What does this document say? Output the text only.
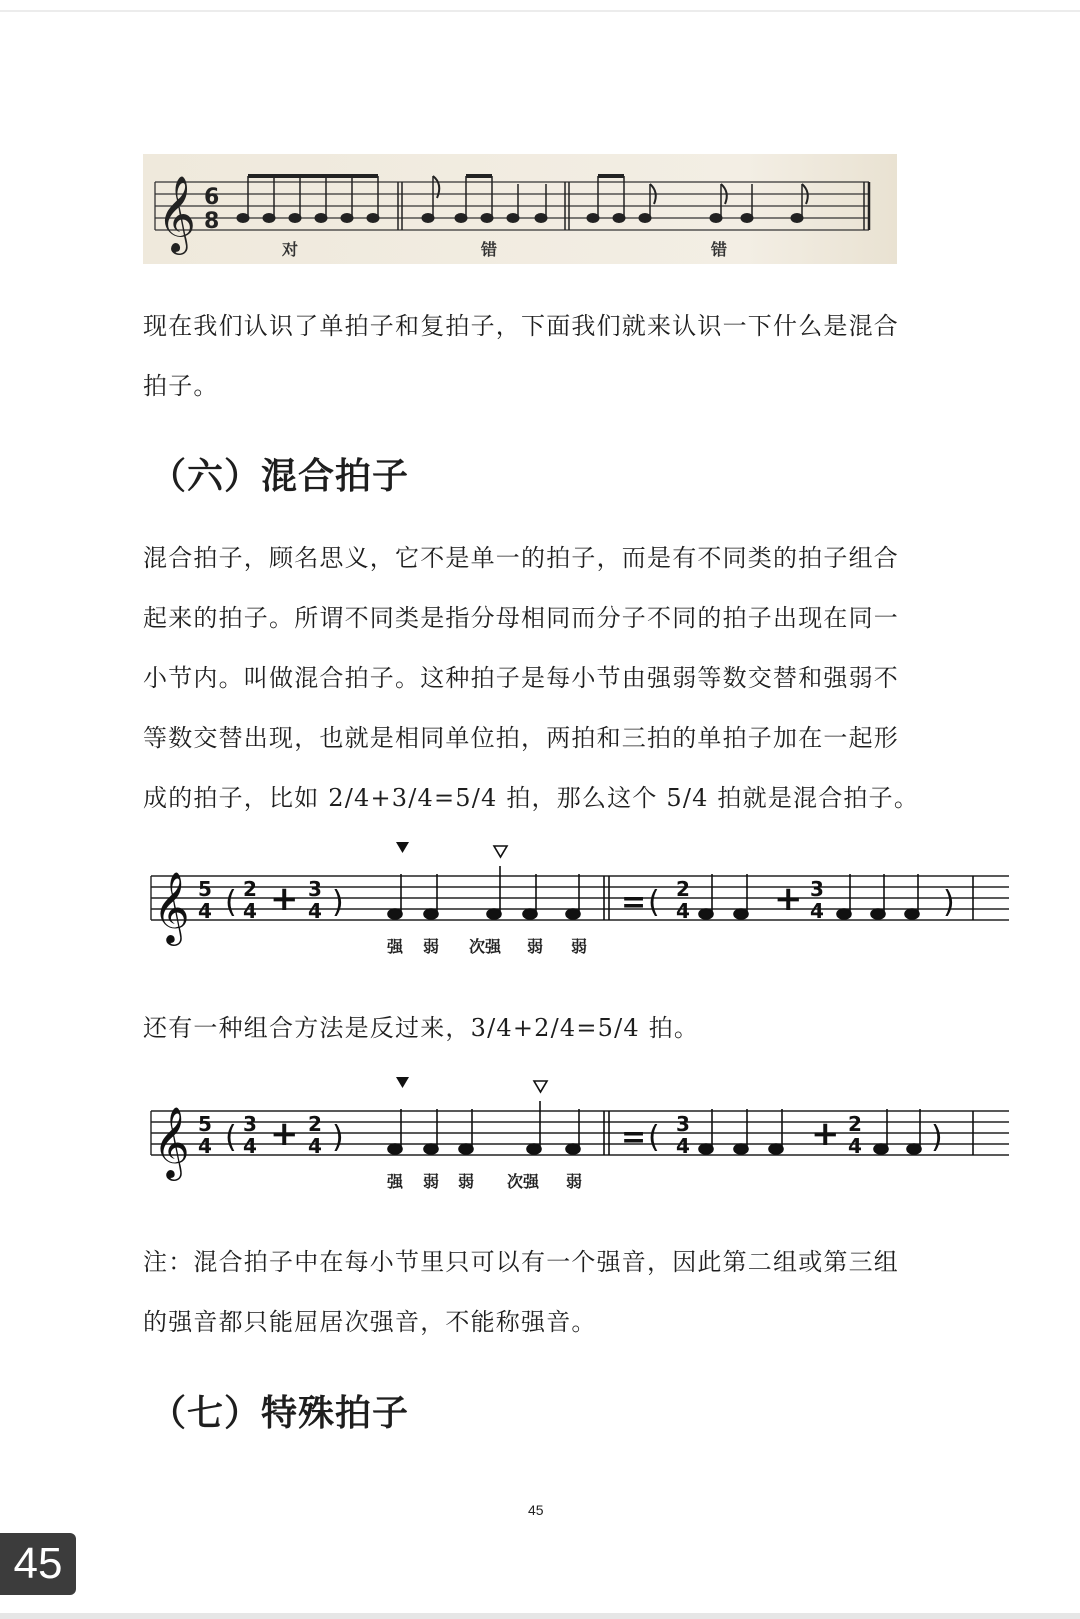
𝄞 6
8
对	错	错

现在我们认识了单拍子和复拍子，下面我们就来认识一下什么是混合

拍子。

（六）混合拍子

混合拍子，顾名思义，它不是单一的拍子，而是有不同类的拍子组合

起来的拍子。所谓不同类是指分母相同而分子不同的拍子出现在同一

小节内。叫做混合拍子。这种拍子是每小节由强弱等数交替和强弱不

等数交替出现，也就是相同单位拍，两拍和三拍的单拍子加在一起形

成的拍子，比如 2/4+3/4=5/4 拍，那么这个 5/4 拍就是混合拍子。

𝄞 5
4 ( 2
4 + 3
4 )	= ( 2
4 + 3
4	)
强 弱 次强 弱 弱

还有一种组合方法是反过来，3/4+2/4=5/4 拍。

𝄞 5
4 ( 3
4 + 2
4 )	= ( 3
4	+ 2
4 )
强 弱 弱 次强 弱

注：混合拍子中在每小节里只可以有一个强音，因此第二组或第三组

的强音都只能屈居次强音，不能称强音。

（七）特殊拍子
45
45
